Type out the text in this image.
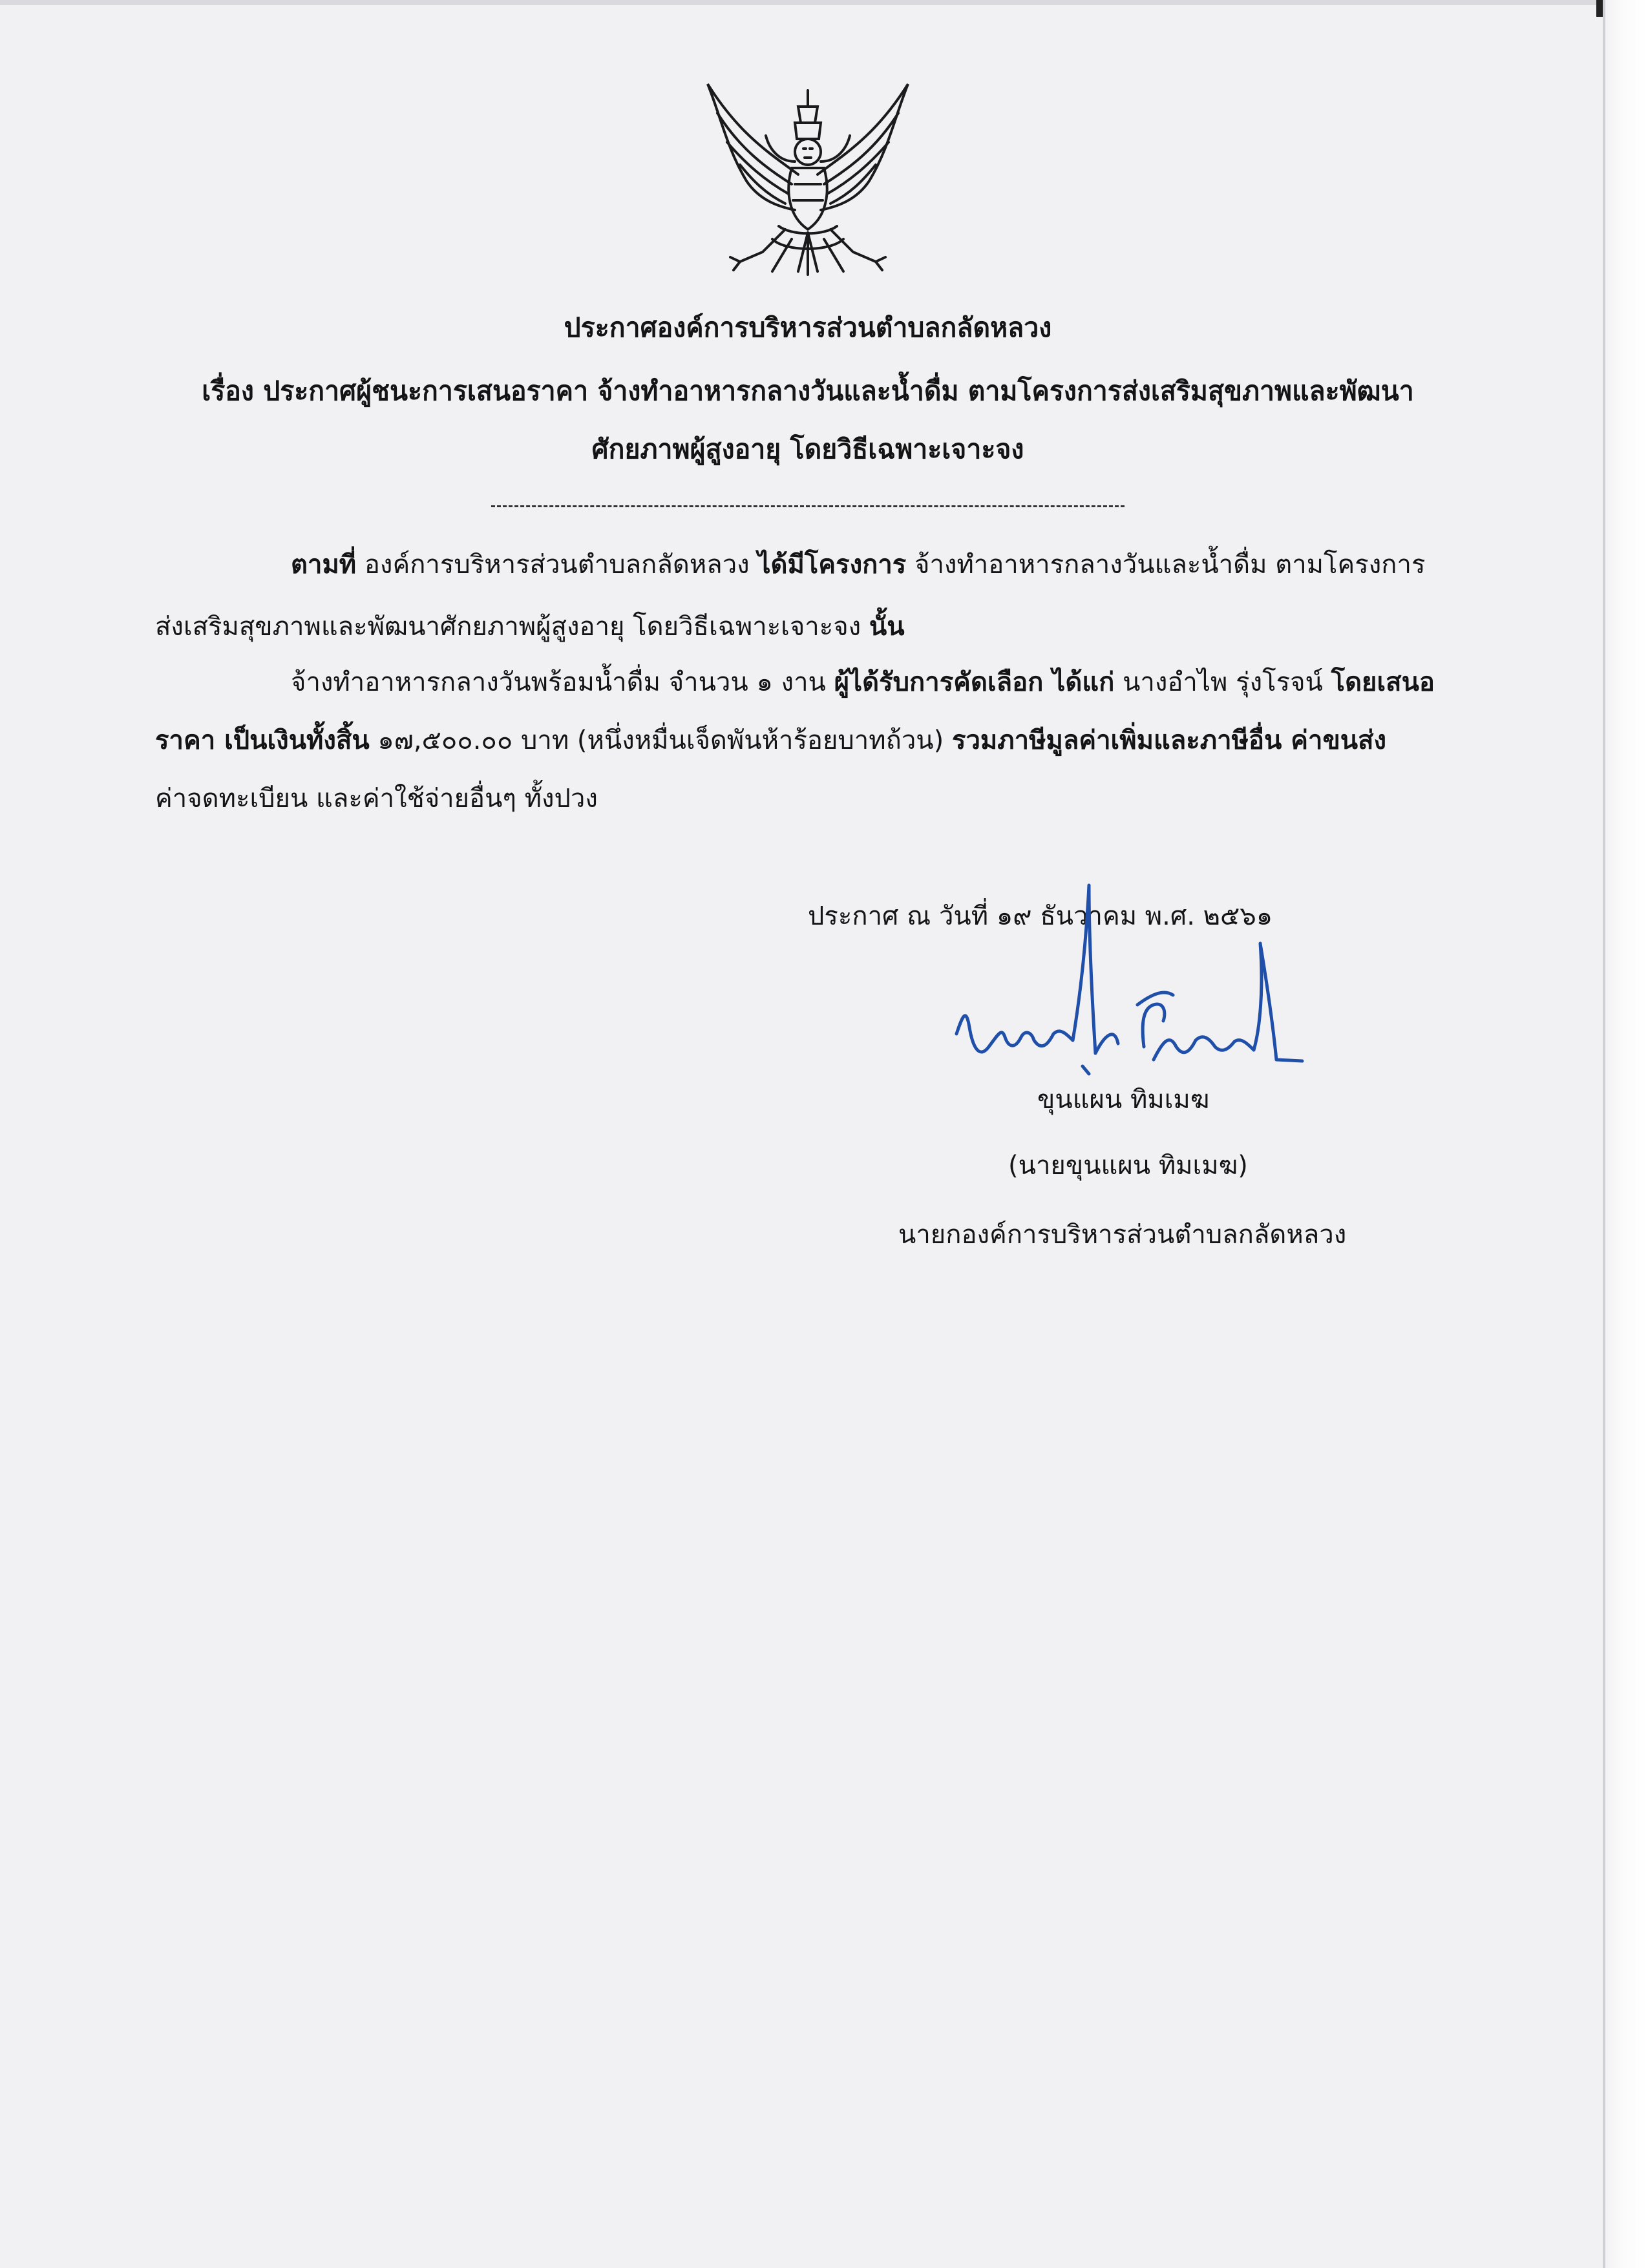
ประกาศองค์การบริหารส่วนตำบลกลัดหลวง
เรื่อง ประกาศผู้ชนะการเสนอราคา จ้างทำอาหารกลางวันและน้ำดื่ม ตามโครงการส่งเสริมสุขภาพและพัฒนา
ศักยภาพผู้สูงอายุ โดยวิธีเฉพาะเจาะจง
ตามที่ องค์การบริหารส่วนตำบลกลัดหลวง ได้มีโครงการ จ้างทำอาหารกลางวันและน้ำดื่ม ตามโครงการ
ส่งเสริมสุขภาพและพัฒนาศักยภาพผู้สูงอายุ โดยวิธีเฉพาะเจาะจง นั้น
จ้างทำอาหารกลางวันพร้อมน้ำดื่ม จำนวน ๑ งาน ผู้ได้รับการคัดเลือก ได้แก่ นางอำไพ รุ่งโรจน์ โดยเสนอ
ราคา เป็นเงินทั้งสิ้น ๑๗,๕๐๐.๐๐ บาท (หนึ่งหมื่นเจ็ดพันห้าร้อยบาทถ้วน) รวมภาษีมูลค่าเพิ่มและภาษีอื่น ค่าขนส่ง
ค่าจดทะเบียน และค่าใช้จ่ายอื่นๆ ทั้งปวง
ประกาศ ณ วันที่ ๑๙ ธันวาคม พ.ศ. ๒๕๖๑
ขุนแผน ทิมเมฆ
(นายขุนแผน ทิมเมฆ)
นายกองค์การบริหารส่วนตำบลกลัดหลวง
